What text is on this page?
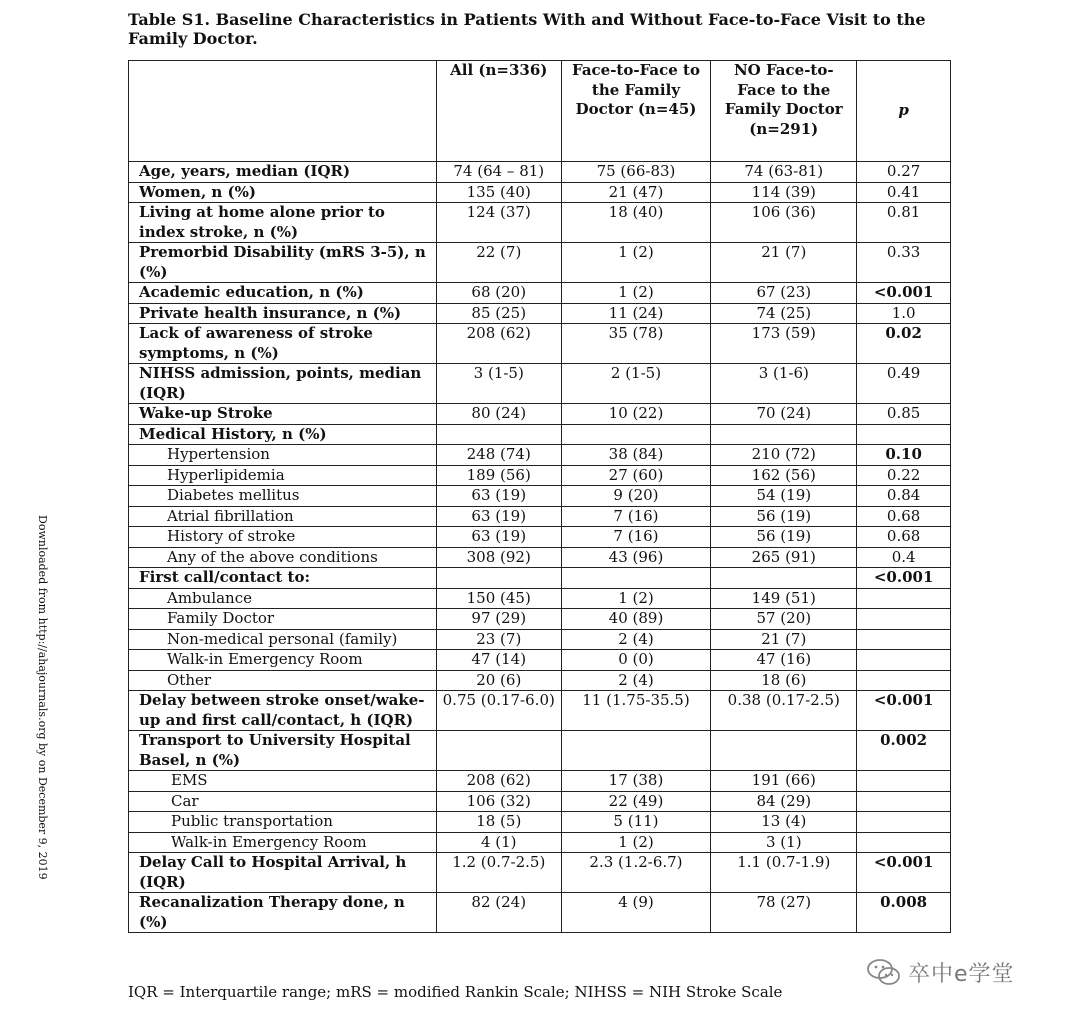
Table S1. Baseline Characteristics in Patients With and Without Face-to-Face Visit to the Family Doctor.
	All (n=336)	Face-to-Face to the Family Doctor (n=45)	NO Face-to-Face to the Family Doctor (n=291)	p
Age, years, median (IQR)	74 (64 – 81)	75 (66-83)	74 (63-81)	0.27
Women, n (%)	135 (40)	21 (47)	114 (39)	0.41
Living at home alone prior to index stroke, n (%)	124 (37)	18 (40)	106 (36)	0.81
Premorbid Disability (mRS 3-5), n (%)	22 (7)	1 (2)	21 (7)	0.33
Academic education, n (%)	68 (20)	1 (2)	67 (23)	<0.001
Private health insurance, n (%)	85 (25)	11 (24)	74 (25)	1.0
Lack of awareness of stroke symptoms, n (%)	208 (62)	35 (78)	173 (59)	0.02
NIHSS admission, points, median (IQR)	3 (1-5)	2 (1-5)	3 (1-6)	0.49
Wake-up Stroke	80 (24)	10 (22)	70 (24)	0.85
Medical History, n (%)				
Hypertension	248 (74)	38 (84)	210 (72)	0.10
Hyperlipidemia	189 (56)	27 (60)	162 (56)	0.22
Diabetes mellitus	63 (19)	9 (20)	54 (19)	0.84
Atrial fibrillation	63 (19)	7 (16)	56 (19)	0.68
History of stroke	63 (19)	7 (16)	56 (19)	0.68
Any of the above conditions	308 (92)	43 (96)	265 (91)	0.4
First call/contact to:				<0.001
Ambulance	150 (45)	1 (2)	149 (51)	
Family Doctor	97 (29)	40 (89)	57 (20)	
Non-medical personal (family)	23 (7)	2 (4)	21 (7)	
Walk-in Emergency Room	47 (14)	0 (0)	47 (16)	
Other	20 (6)	2 (4)	18 (6)	
Delay between stroke onset/wake-up and first call/contact, h (IQR)	0.75 (0.17-6.0)	11 (1.75-35.5)	0.38 (0.17-2.5)	<0.001
Transport to University Hospital Basel, n (%)				0.002
EMS	208 (62)	17 (38)	191 (66)	
Car	106 (32)	22 (49)	84 (29)	
Public transportation	18 (5)	5 (11)	13 (4)	
Walk-in Emergency Room	4 (1)	1 (2)	3 (1)	
Delay Call to Hospital Arrival, h (IQR)	1.2 (0.7-2.5)	2.3 (1.2-6.7)	1.1 (0.7-1.9)	<0.001
Recanalization Therapy done, n (%)	82 (24)	4 (9)	78 (27)	0.008
IQR = Interquartile range; mRS = modified Rankin Scale; NIHSS = NIH Stroke Scale
Downloaded from http://ahajournals.org by on December 9, 2019
卒中e学堂
